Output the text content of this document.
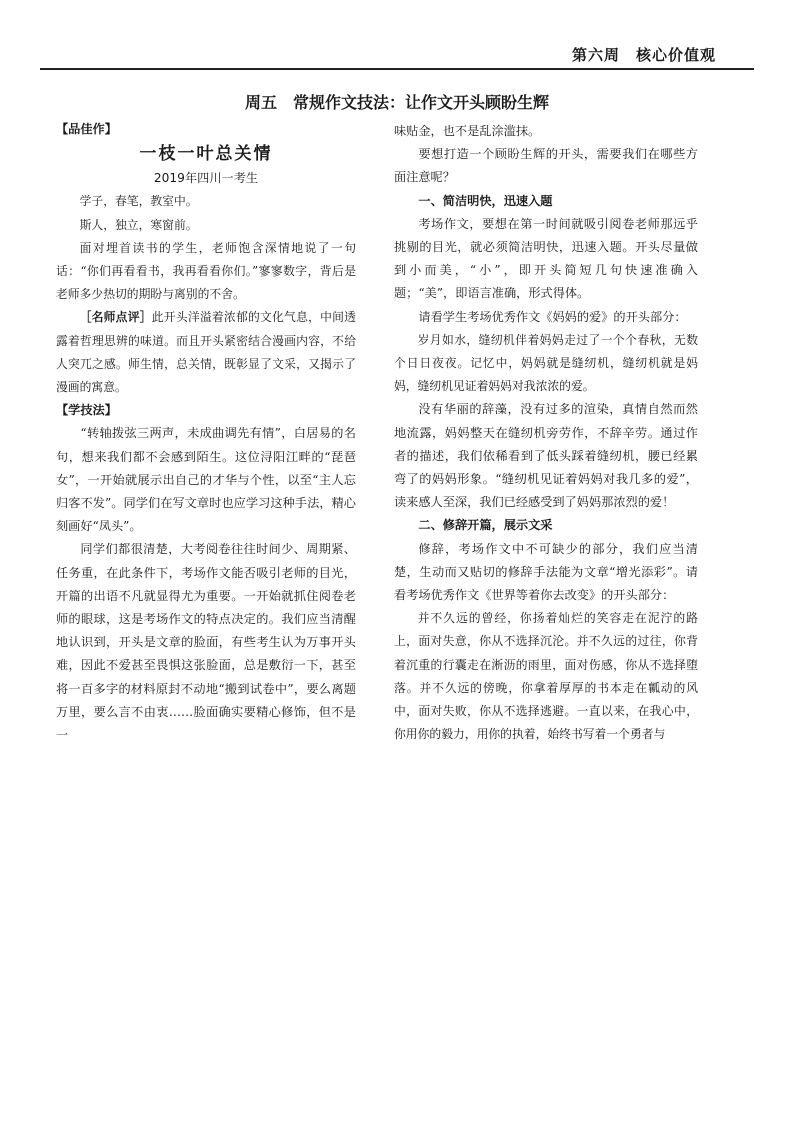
第六周　核心价值观
周五　常规作文技法：让作文开头顾盼生辉

【品佳作】

一枝一叶总关情

2019年四川一考生

学子，春笔，教室中。

斯人，独立，寒窗前。

面对埋首读书的学生，老师饱含深情地说了一句话：“你们再看看书，我再看看你们。”寥寥数字，背后是老师多少热切的期盼与离别的不舍。

［名师点评］此开头洋溢着浓郁的文化气息，中间透露着哲理思辨的味道。而且开头紧密结合漫画内容，不给人突兀之感。师生情，总关情，既彰显了文采，又揭示了漫画的寓意。

【学技法】

“转轴拨弦三两声，未成曲调先有情”，白居易的名句，想来我们都不会感到陌生。这位浔阳江畔的“琵琶女”，一开始就展示出自己的才华与个性，以至“主人忘归客不发”。同学们在写文章时也应学习这种手法，精心刻画好“凤头”。

同学们都很清楚，大考阅卷往往时间少、周期紧、任务重，在此条件下，考场作文能否吸引老师的目光，开篇的出语不凡就显得尤为重要。一开始就抓住阅卷老师的眼球，这是考场作文的特点决定的。我们应当清醒地认识到，开头是文章的脸面，有些考生认为万事开头难，因此不爱甚至畏惧这张脸面，总是敷衍一下，甚至将一百多字的材料原封不动地“搬到试卷中”，要么离题万里，要么言不由衷……脸面确实要精心修饰，但不是一

味贴金，也不是乱涂滥抹。

要想打造一个顾盼生辉的开头，需要我们在哪些方面注意呢？

一、简洁明快，迅速入题

考场作文，要想在第一时间就吸引阅卷老师那远乎挑剔的目光，就必须简洁明快，迅速入题。开头尽量做到小而美，“小”，即开头简短几句快速准确入题；“美”，即语言准确，形式得体。

请看学生考场优秀作文《妈妈的爱》的开头部分：

岁月如水，缝纫机伴着妈妈走过了一个个春秋，无数个日日夜夜。记忆中，妈妈就是缝纫机，缝纫机就是妈妈，缝纫机见证着妈妈对我浓浓的爱。

没有华丽的辞藻，没有过多的渲染，真情自然而然地流露，妈妈整天在缝纫机旁劳作，不辞辛劳。通过作者的描述，我们依稀看到了低头踩着缝纫机，腰已经累弯了的妈妈形象。“缝纫机见证着妈妈对我几多的爱”，读来感人至深，我们已经感受到了妈妈那浓烈的爱！

二、修辞开篇，展示文采

修辞，考场作文中不可缺少的部分，我们应当清楚，生动而又贴切的修辞手法能为文章“增光添彩”。请看考场优秀作文《世界等着你去改变》的开头部分：

并不久远的曾经，你扬着灿烂的笑容走在泥泞的路上，面对失意，你从不选择沉沦。并不久远的过往，你背着沉重的行囊走在淅沥的雨里，面对伤感，你从不选择堕落。并不久远的傍晚，你拿着厚厚的书本走在瓤动的风中，面对失败，你从不选择逃避。一直以来，在我心中，你用你的毅力，用你的执着，始终书写着一个勇者与
